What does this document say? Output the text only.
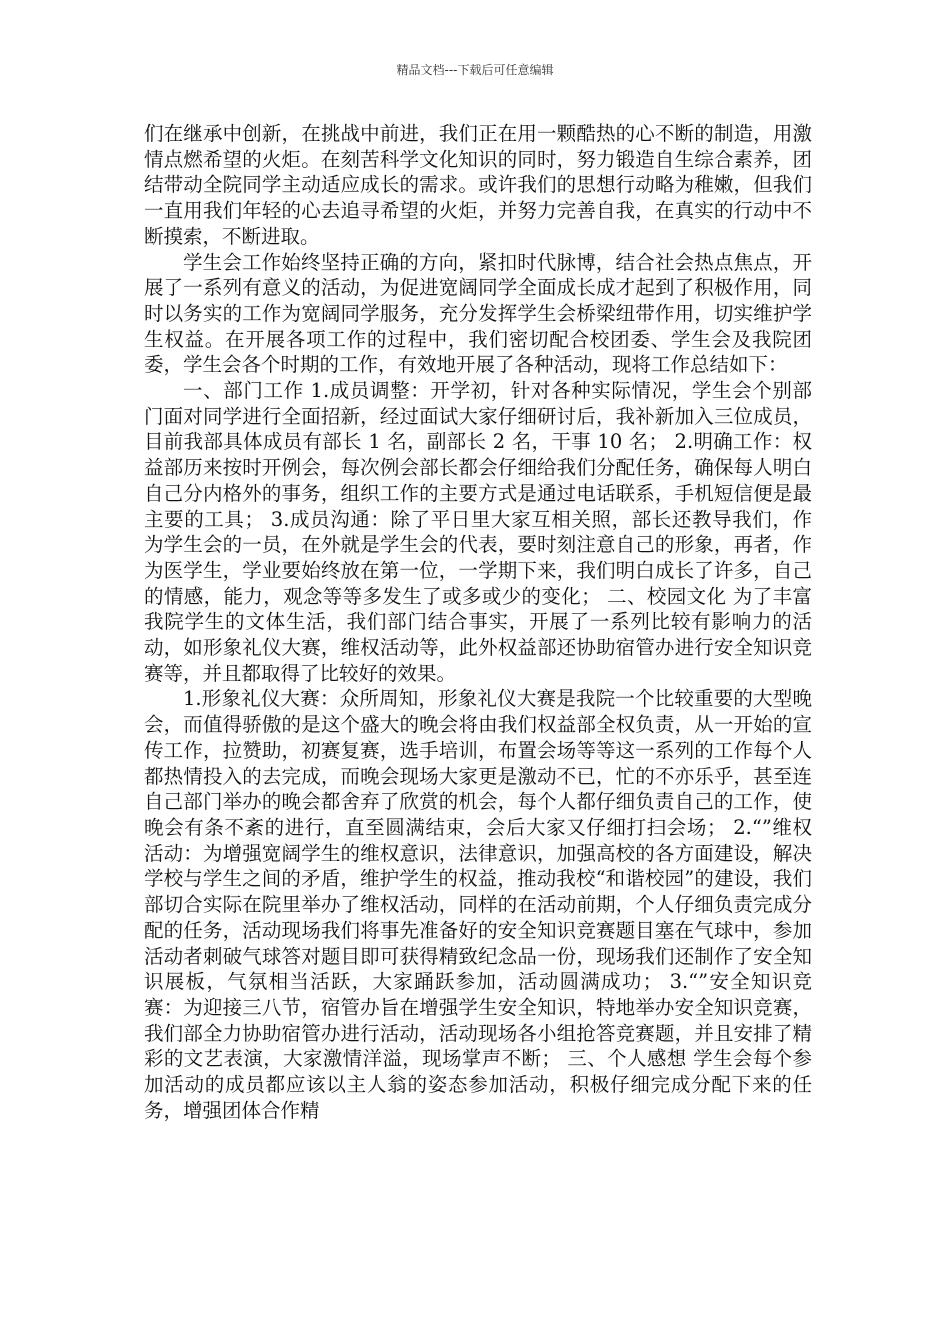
精品文档---下载后可任意编辑

们在继承中创新，在挑战中前进，我们正在用一颗酷热的心不断的制造，用激情点燃希望的火炬。在刻苦科学文化知识的同时，努力锻造自生综合素养，团结带动全院同学主动适应成长的需求。或许我们的思想行动略为稚嫩，但我们一直用我们年轻的心去追寻希望的火炬，并努力完善自我，在真实的行动中不断摸索，不断进取。

学生会工作始终坚持正确的方向，紧扣时代脉博，结合社会热点焦点，开展了一系列有意义的活动，为促进宽阔同学全面成长成才起到了积极作用，同时以务实的工作为宽阔同学服务，充分发挥学生会桥梁纽带作用，切实维护学生权益。在开展各项工作的过程中，我们密切配合校团委、学生会及我院团委，学生会各个时期的工作，有效地开展了各种活动，现将工作总结如下：

一、部门工作 1.成员调整：开学初，针对各种实际情况，学生会个别部门面对同学进行全面招新，经过面试大家仔细研讨后，我补新加入三位成员，目前我部具体成员有部长 1 名，副部长 2 名，干事 10 名； 2.明确工作：权益部历来按时开例会，每次例会部长都会仔细给我们分配任务，确保每人明白自己分内格外的事务，组织工作的主要方式是通过电话联系，手机短信便是最主要的工具； 3.成员沟通：除了平日里大家互相关照，部长还教导我们，作为学生会的一员，在外就是学生会的代表，要时刻注意自己的形象，再者，作为医学生，学业要始终放在第一位，一学期下来，我们明白成长了许多，自己的情感，能力，观念等等多发生了或多或少的变化； 二、校园文化 为了丰富我院学生的文体生活，我们部门结合事实，开展了一系列比较有影响力的活动，如形象礼仪大赛，维权活动等，此外权益部还协助宿管办进行安全知识竞赛等，并且都取得了比较好的效果。

1.形象礼仪大赛：众所周知，形象礼仪大赛是我院一个比较重要的大型晚会，而值得骄傲的是这个盛大的晚会将由我们权益部全权负责，从一开始的宣传工作，拉赞助，初赛复赛，选手培训，布置会场等等这一系列的工作每个人都热情投入的去完成，而晚会现场大家更是激动不已，忙的不亦乐乎，甚至连自己部门举办的晚会都舍弃了欣赏的机会，每个人都仔细负责自己的工作，使晚会有条不紊的进行，直至圆满结束，会后大家又仔细打扫会场； 2.“”维权活动：为增强宽阔学生的维权意识，法律意识，加强高校的各方面建设，解决学校与学生之间的矛盾，维护学生的权益，推动我校“和谐校园”的建设，我们部切合实际在院里举办了维权活动，同样的在活动前期，个人仔细负责完成分配的任务，活动现场我们将事先准备好的安全知识竞赛题目塞在气球中，参加活动者刺破气球答对题目即可获得精致纪念品一份，现场我们还制作了安全知识展板，气氛相当活跃，大家踊跃参加，活动圆满成功； 3.“”安全知识竞赛：为迎接三八节，宿管办旨在增强学生安全知识，特地举办安全知识竞赛，我们部全力协助宿管办进行活动，活动现场各小组抢答竞赛题，并且安排了精彩的文艺表演，大家激情洋溢，现场掌声不断； 三、个人感想 学生会每个参加活动的成员都应该以主人翁的姿态参加活动，积极仔细完成分配下来的任务，增强团体合作精
